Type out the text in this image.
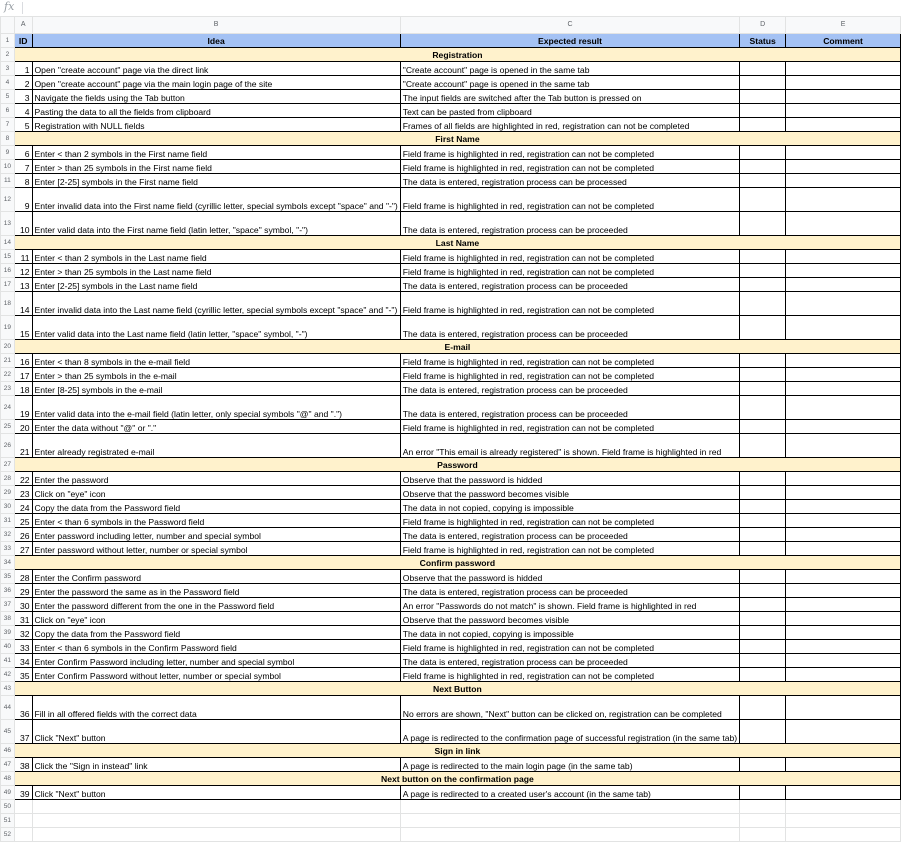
fx
	A	B	C	D	E
1	ID	Idea	Expected result	Status	Comment
2	Registration				
3	1	Open "create account" page via the direct link	"Create account" page is opened in the same tab		
4	2	Open "create account" page via the main login page of the site	"Create account" page is opened in the same tab		
5	3	Navigate the fields using the Tab button	The input fields are switched after the Tab button is pressed on		
6	4	Pasting the data to all the fields from clipboard	Text can be pasted from clipboard		
7	5	Registration with NULL fields	Frames of all fields are highlighted in red, registration can not be completed		
8	First Name				
9	6	Enter < than 2 symbols in the First name field	Field frame is highlighted in red, registration can not be completed		
10	7	Enter > than 25 symbols in the First name field	Field frame is highlighted in red, registration can not be completed		
11	8	Enter [2-25] symbols in the First name field	The data is entered, registration process can be processed		
12	9	Enter invalid data into the First name field (cyrillic letter, special symbols except "space" and "-")	Field frame is highlighted in red, registration can not be completed		
13	10	Enter valid data into the First name field (latin letter, "space" symbol, "-")	The data is entered, registration process can be proceeded		
14	Last Name				
15	11	Enter < than 2 symbols in the Last name field	Field frame is highlighted in red, registration can not be completed		
16	12	Enter > than 25 symbols in the Last name field	Field frame is highlighted in red, registration can not be completed		
17	13	Enter [2-25] symbols in the Last name field	The data is entered, registration process can be proceeded		
18	14	Enter invalid data into the Last name field (cyrillic letter, special symbols except "space" and "-")	Field frame is highlighted in red, registration can not be completed		
19	15	Enter valid data into the Last name field (latin letter, "space" symbol, "-")	The data is entered, registration process can be proceeded		
20	E-mail				
21	16	Enter < than 8 symbols in the e-mail field	Field frame is highlighted in red, registration can not be completed		
22	17	Enter > than 25 symbols in the e-mail	Field frame is highlighted in red, registration can not be completed		
23	18	Enter [8-25] symbols in the e-mail	The data is entered, registration process can be proceeded		
24	19	Enter valid data into the e-mail field (latin letter, only special symbols "@" and ".")	The data is entered, registration process can be proceeded		
25	20	Enter the data without "@" or "."	Field frame is highlighted in red, registration can not be completed		
26	21	Enter already registrated e-mail	An error "This email is already registered" is shown. Field frame is highlighted in red		
27	Password				
28	22	Enter the password	Observe that the password is hidded		
29	23	Click on "eye" icon	Observe that the password becomes visible		
30	24	Copy the data from the Password field	The data in not copied, copying is impossible		
31	25	Enter < than 6 symbols in the Password field	Field frame is highlighted in red, registration can not be completed		
32	26	Enter password including letter, number and special symbol	The data is entered, registration process can be proceeded		
33	27	Enter password without letter, number or special symbol	Field frame is highlighted in red, registration can not be completed		
34	Confirm password				
35	28	Enter the Confirm password	Observe that the password is hidded		
36	29	Enter the password the same as in the Password field	The data is entered, registration process can be proceeded		
37	30	Enter the password different from the one in the Password field	An error "Passwords do not match" is shown. Field frame is highlighted in red		
38	31	Click on "eye" icon	Observe that the password becomes visible		
39	32	Copy the data from the Password field	The data in not copied, copying is impossible		
40	33	Enter < than 6 symbols in the Confirm Password field	Field frame is highlighted in red, registration can not be completed		
41	34	Enter Confirm Password including letter, number and special symbol	The data is entered, registration process can be proceeded		
42	35	Enter Confirm Password without letter, number or special symbol	Field frame is highlighted in red, registration can not be completed		
43	Next Button				
44	36	Fill in all offered fields with the correct data	No errors are shown, "Next" button can be clicked on, registration can be completed		
45	37	Click "Next" button	A page is redirected to the confirmation page of successful registration (in the same tab)		
46	Sign in link				
47	38	Click the "Sign in instead" link	A page is redirected to the main login page (in the same tab)		
48	Next button on the confirmation page				
49	39	Click "Next" button	A page is redirected to a created user's account (in the same tab)		
50					
51					
52					
